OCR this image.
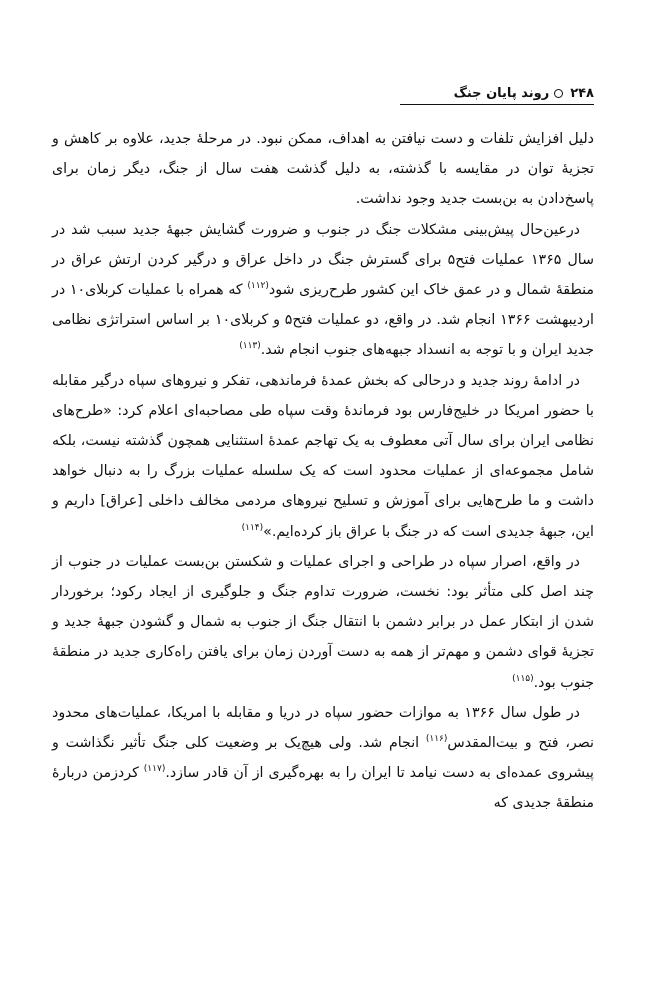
۲۴۸
روند پایان جنگ

دلیل افزایش تلفات و دست نیافتن به اهداف، ممکن نبود. در مرحلهٔ جدید، علاوه بر کاهش و تجزیهٔ توان در مقایسه با گذشته، به دلیل گذشت هفت سال از جنگ، دیگر زمان برای پاسخ‌دادن به بن‌بست جدید وجود نداشت.

درعین‌حال پیش‌بینی مشکلات جنگ در جنوب و ضرورت گشایش جبههٔ جدید سبب شد در سال ۱۳۶۵ عملیات فتح۵ برای گسترش جنگ در داخل عراق و درگیر کردن ارتش عراق در منطقهٔ شمال و در عمق خاک این کشور طرح‌ریزی شود$^{(۱۱۲)}$ که همراه با عملیات کربلای۱۰ در اردیبهشت ۱۳۶۶ انجام شد. در واقع، دو عملیات فتح۵ و کربلای۱۰ بر اساس استراتژی نظامی جدید ایران و با توجه به انسداد جبهه‌های جنوب انجام شد.$^{(۱۱۳)}$

در ادامهٔ روند جدید و درحالی که بخش عمدهٔ فرماندهی، تفکر و نیروهای سپاه درگیر مقابله با حضور امریکا در خلیج‌فارس بود فرماندهٔ وقت سپاه طی مصاحبه‌ای اعلام کرد: «طرح‌های نظامی ایران برای سال آتی معطوف به یک تهاجم عمدهٔ استثنایی همچون گذشته نیست، بلکه شامل مجموعه‌ای از عملیات محدود است که یک سلسله عملیات بزرگ را به دنبال خواهد داشت و ما طرح‌هایی برای آموزش و تسلیح نیروهای مردمی مخالف داخلی [عراق] داریم و این، جبههٔ جدیدی است که در جنگ با عراق باز کرده‌ایم.»$^{(۱۱۴)}$

در واقع، اصرار سپاه در طراحی و اجرای عملیات و شکستن بن‌بست عملیات در جنوب از چند اصل کلی متأثر بود: نخست، ضرورت تداوم جنگ و جلوگیری از ایجاد رکود؛ برخوردار شدن از ابتکار عمل در برابر دشمن با انتقال جنگ از جنوب به شمال و گشودن جبههٔ جدید و تجزیهٔ قوای دشمن و مهم‌تر از همه به دست آوردن زمان برای یافتن راه‌کاری جدید در منطقهٔ جنوب بود.$^{(۱۱۵)}$

در طول سال ۱۳۶۶ به موازات حضور سپاه در دریا و مقابله با امریکا، عملیات‌های محدود نصر، فتح و بیت‌المقدس$^{(۱۱۶)}$ انجام شد. ولی هیچ‌یک بر وضعیت کلی جنگ تأثیر نگذاشت و پیشروی عمده‌ای به دست نیامد تا ایران را به بهره‌گیری از آن قادر سازد.$^{(۱۱۷)}$ کردزمن دربارهٔ منطقهٔ جدیدی که
